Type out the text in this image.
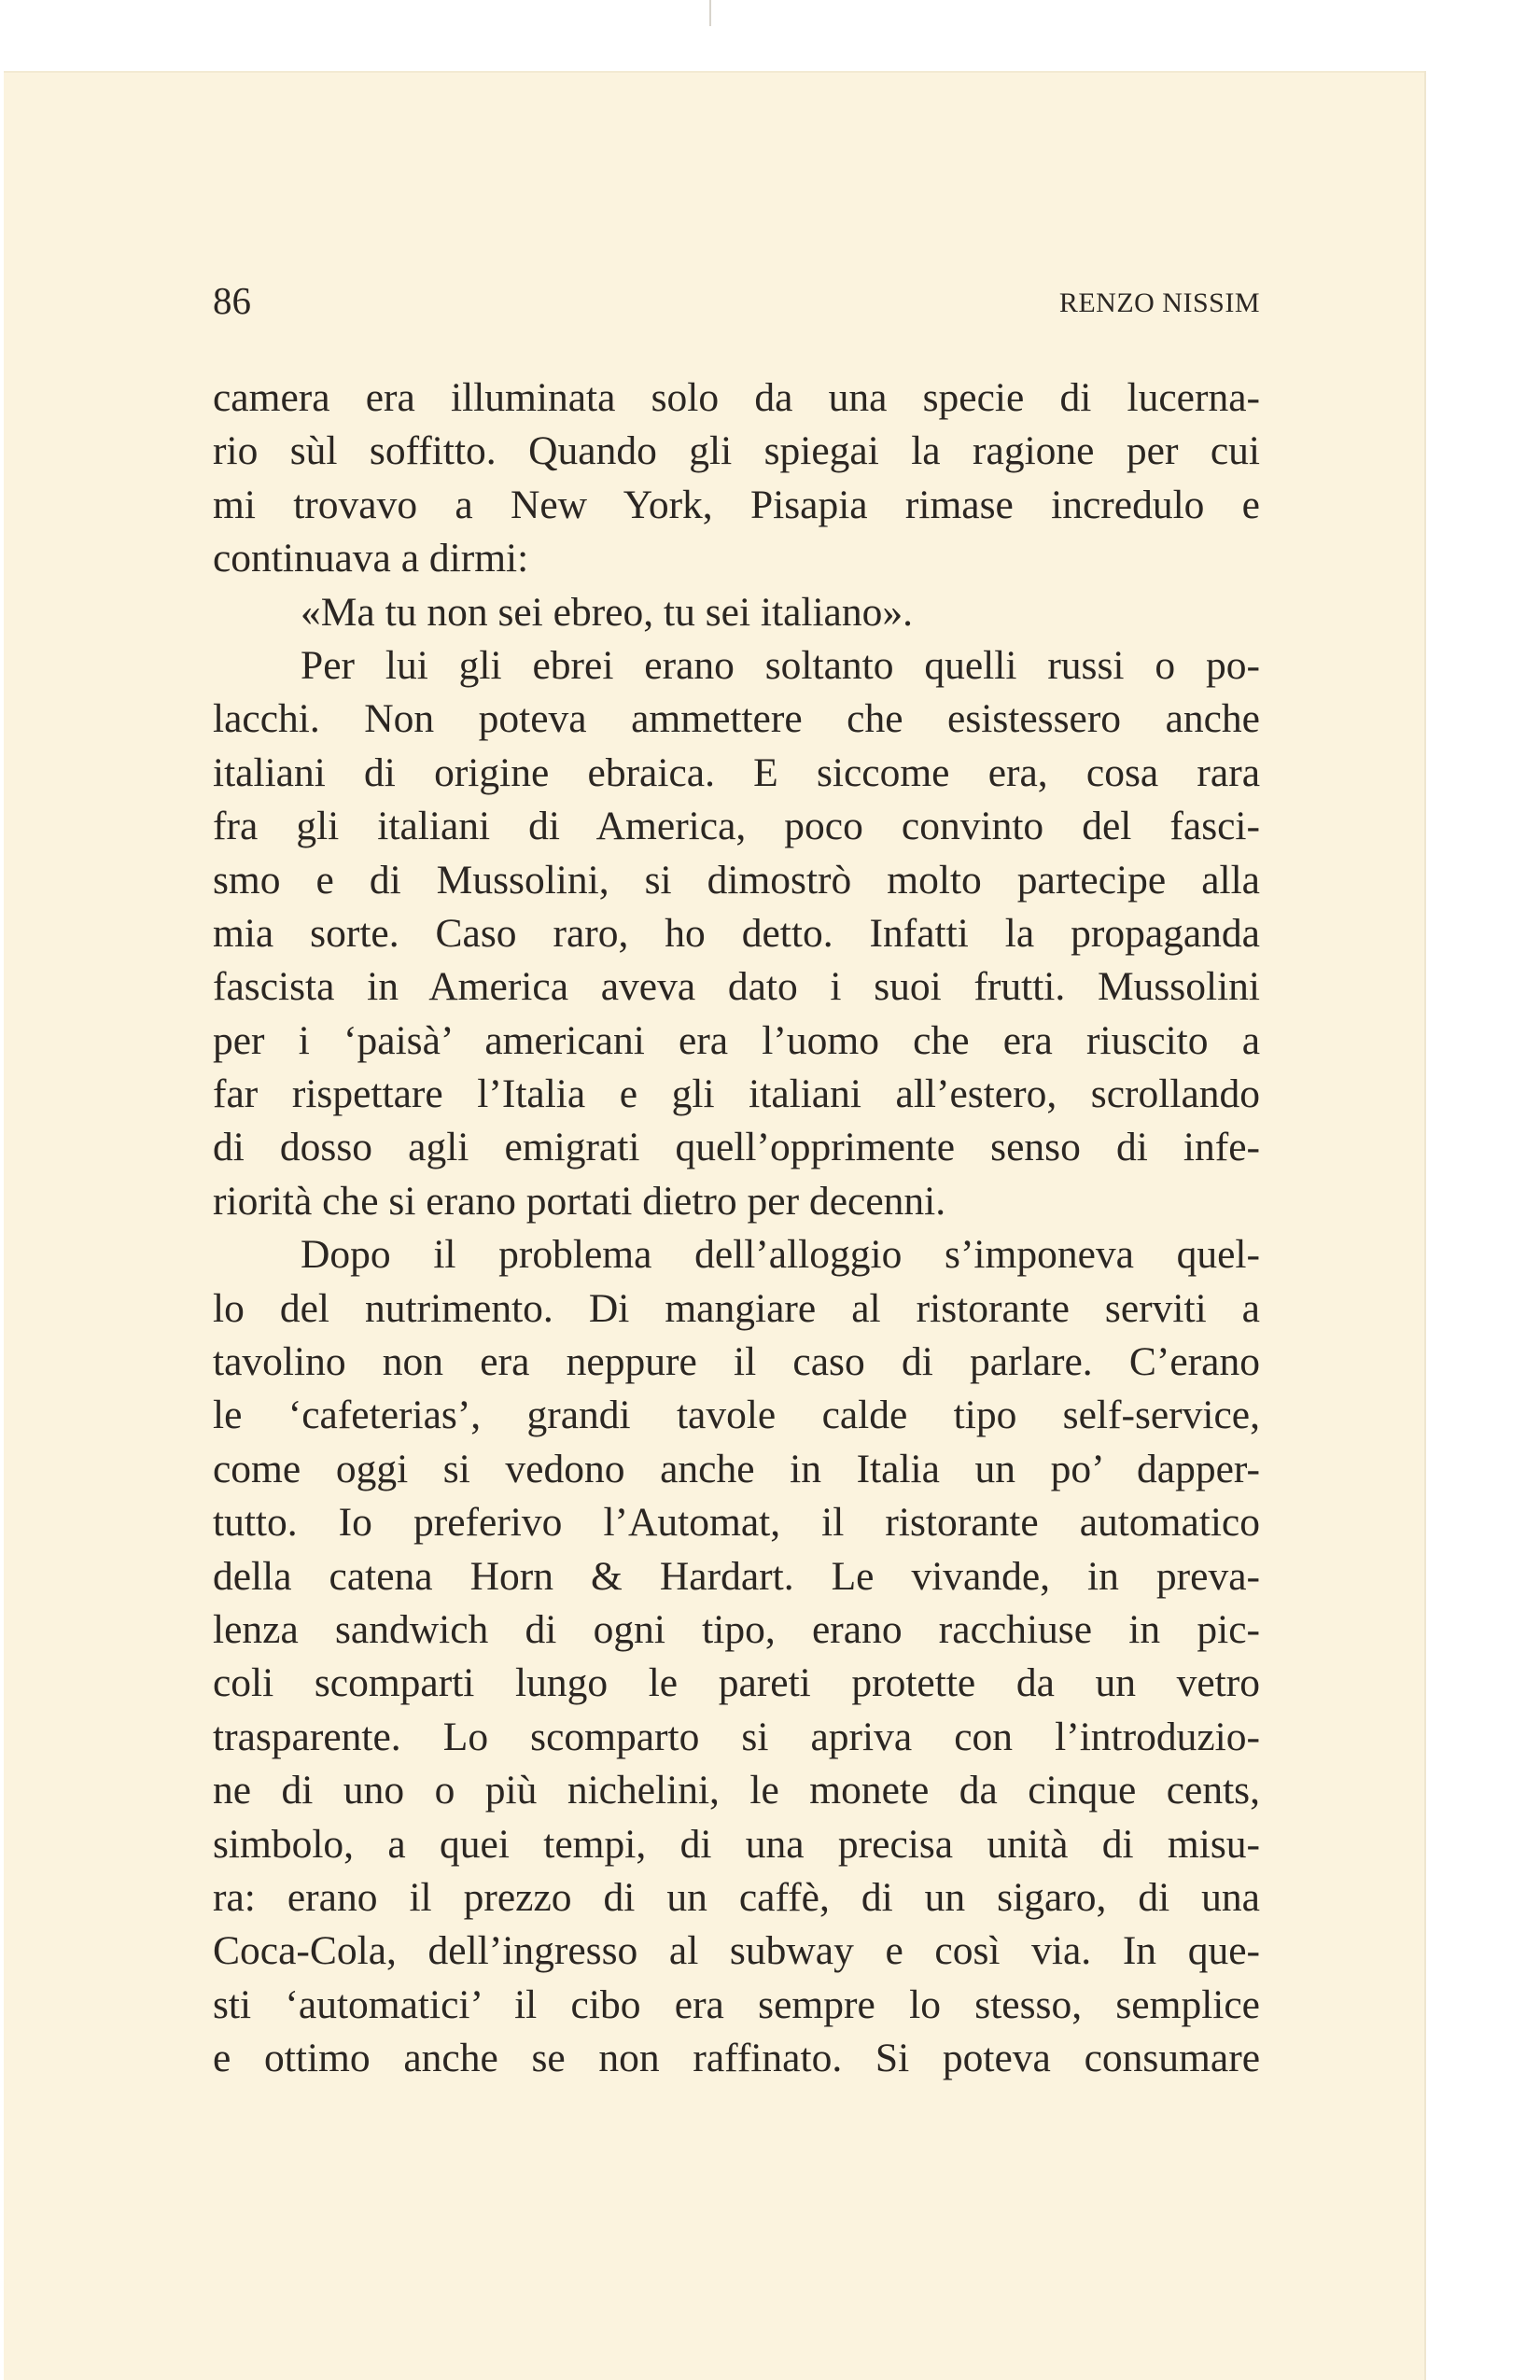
86	RENZO NISSIM
camera era illuminata solo da una specie di lucerna-
rio sùl soffitto. Quando gli spiegai la ragione per cui
mi trovavo a New York, Pisapia rimase incredulo e
continuava a dirmi:
«Ma tu non sei ebreo, tu sei italiano».
Per lui gli ebrei erano soltanto quelli russi o po-
lacchi. Non poteva ammettere che esistessero anche
italiani di origine ebraica. E siccome era, cosa rara
fra gli italiani di America, poco convinto del fasci-
smo e di Mussolini, si dimostrò molto partecipe alla
mia sorte. Caso raro, ho detto. Infatti la propaganda
fascista in America aveva dato i suoi frutti. Mussolini
per i ‘paisà’ americani era l’uomo che era riuscito a
far rispettare l’Italia e gli italiani all’estero, scrollando
di dosso agli emigrati quell’opprimente senso di infe-
riorità che si erano portati dietro per decenni.
Dopo il problema dell’alloggio s’imponeva quel-
lo del nutrimento. Di mangiare al ristorante serviti a
tavolino non era neppure il caso di parlare. C’erano
le ‘cafeterias’, grandi tavole calde tipo self-service,
come oggi si vedono anche in Italia un po’ dapper-
tutto. Io preferivo l’Automat, il ristorante automatico
della catena Horn & Hardart. Le vivande, in preva-
lenza sandwich di ogni tipo, erano racchiuse in pic-
coli scomparti lungo le pareti protette da un vetro
trasparente. Lo scomparto si apriva con l’introduzio-
ne di uno o più nichelini, le monete da cinque cents,
simbolo, a quei tempi, di una precisa unità di misu-
ra: erano il prezzo di un caffè, di un sigaro, di una
Coca-Cola, dell’ingresso al subway e così via. In que-
sti ‘automatici’ il cibo era sempre lo stesso, semplice
e ottimo anche se non raffinato. Si poteva consumare
